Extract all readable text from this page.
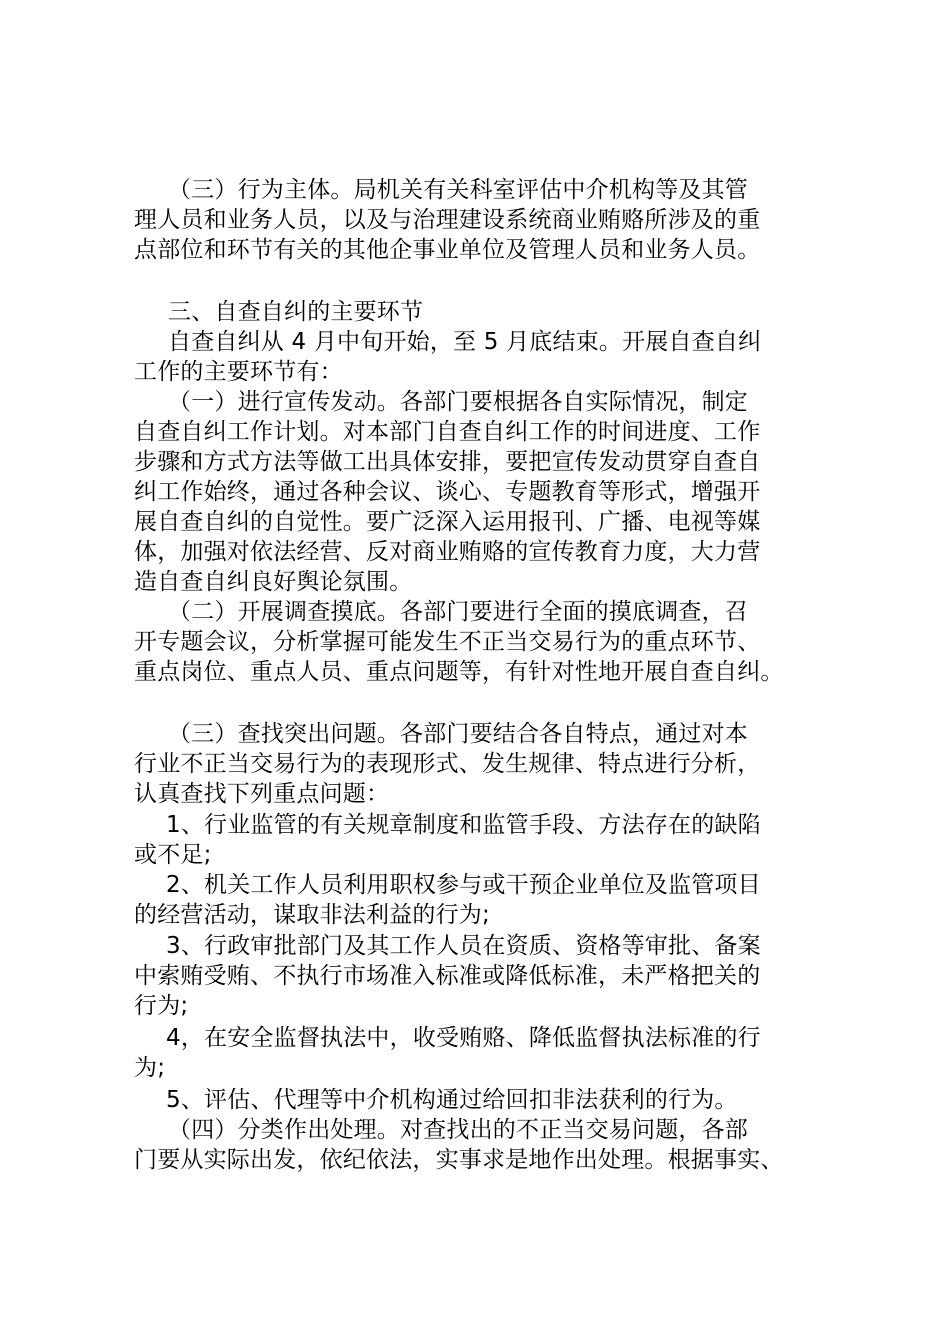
（三）行为主体。局机关有关科室评估中介机构等及其管
理人员和业务人员，以及与治理建设系统商业贿赂所涉及的重
点部位和环节有关的其他企事业单位及管理人员和业务人员。
三、自查自纠的主要环节
自查自纠从 4 月中旬开始，至 5 月底结束。开展自查自纠
工作的主要环节有：
（一）进行宣传发动。各部门要根据各自实际情况，制定
自查自纠工作计划。对本部门自查自纠工作的时间进度、工作
步骤和方式方法等做工出具体安排，要把宣传发动贯穿自查自
纠工作始终，通过各种会议、谈心、专题教育等形式，增强开
展自查自纠的自觉性。要广泛深入运用报刊、广播、电视等媒
体，加强对依法经营、反对商业贿赂的宣传教育力度，大力营
造自查自纠良好舆论氛围。
（二）开展调查摸底。各部门要进行全面的摸底调查，召
开专题会议，分析掌握可能发生不正当交易行为的重点环节、
重点岗位、重点人员、重点问题等，有针对性地开展自查自纠。
（三）查找突出问题。各部门要结合各自特点，通过对本
行业不正当交易行为的表现形式、发生规律、特点进行分析，
认真查找下列重点问题：
1、行业监管的有关规章制度和监管手段、方法存在的缺陷
或不足;
2、机关工作人员利用职权参与或干预企业单位及监管项目
的经营活动，谋取非法利益的行为;
3、行政审批部门及其工作人员在资质、资格等审批、备案
中索贿受贿、不执行市场准入标准或降低标准，未严格把关的
行为;
4，在安全监督执法中，收受贿赂、降低监督执法标准的行
为;
5、评估、代理等中介机构通过给回扣非法获利的行为。
（四）分类作出处理。对查找出的不正当交易问题，各部
门要从实际出发，依纪依法，实事求是地作出处理。根据事实、
